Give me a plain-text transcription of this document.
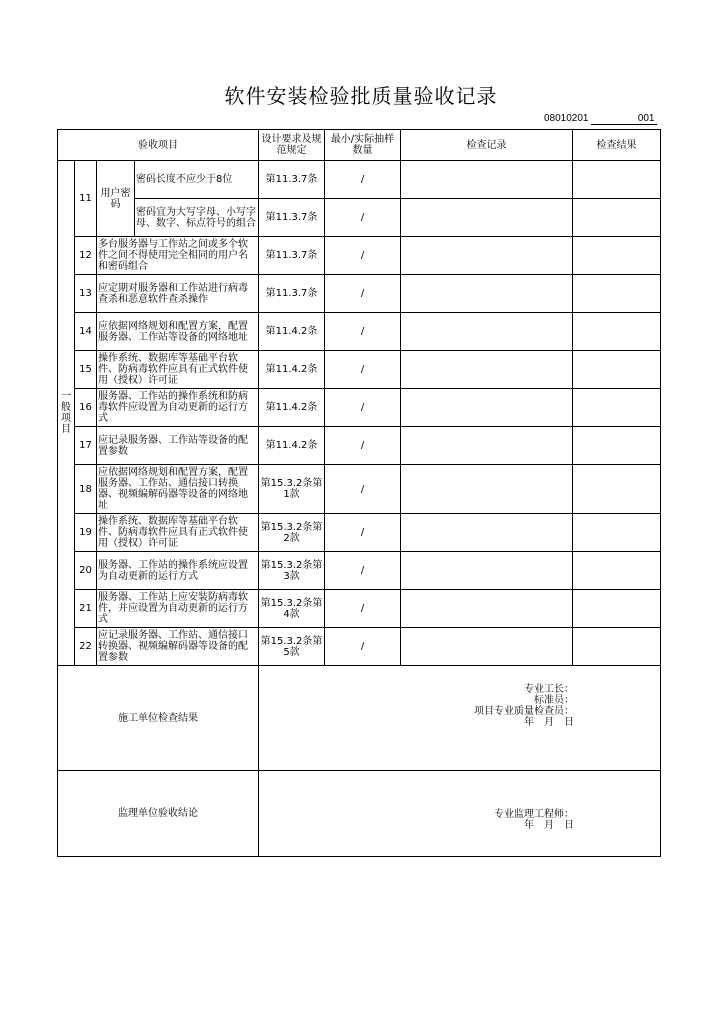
软件安装检验批质量验收记录
08010201	001
验收项目				设计要求及规范规定	最小/实际抽样数量	检查记录	检查结果
一般项目	11	用户密码	密码长度不应少于8位	第11.3.7条	/		
			密码宜为大写字母、小写字母、数字、标点符号的组合	第11.3.7条	/		
	12	多台服务器与工作站之间或多个软件之间不得使用完全相同的用户名和密码组合		第11.3.7条	/		
	13	应定期对服务器和工作站进行病毒查杀和恶意软件查杀操作		第11.3.7条	/		
	14	应依据网络规划和配置方案，配置服务器、工作站等设备的网络地址		第11.4.2条	/		
	15	操作系统、数据库等基础平台软件、防病毒软件应具有正式软件使用（授权）许可证		第11.4.2条	/		
	16	服务器、工作站的操作系统和防病毒软件应设置为自动更新的运行方式		第11.4.2条	/		
	17	应记录服务器、工作站等设备的配置参数		第11.4.2条	/		
	18	应依据网络规划和配置方案，配置服务器、工作站、通信接口转换器、视频编解码器等设备的网络地址		第15.3.2条第1款	/		
	19	操作系统、数据库等基础平台软件、防病毒软件应具有正式软件使用（授权）许可证		第15.3.2条第2款	/		
	20	服务器、工作站的操作系统应设置为自动更新的运行方式		第15.3.2条第3款	/		
	21	服务器、工作站上应安装防病毒软件，并应设置为自动更新的运行方式		第15.3.2条第4款	/		
	22	应记录服务器、工作站、通信接口转换器、视频编解码器等设备的配置参数		第15.3.2条第5款	/		
施工单位检查结果				专业工长：
标准员：
项目专业质量检查员：
年　月　日			

监理单位验收结论				专业监理工程师：
年　月　日			
